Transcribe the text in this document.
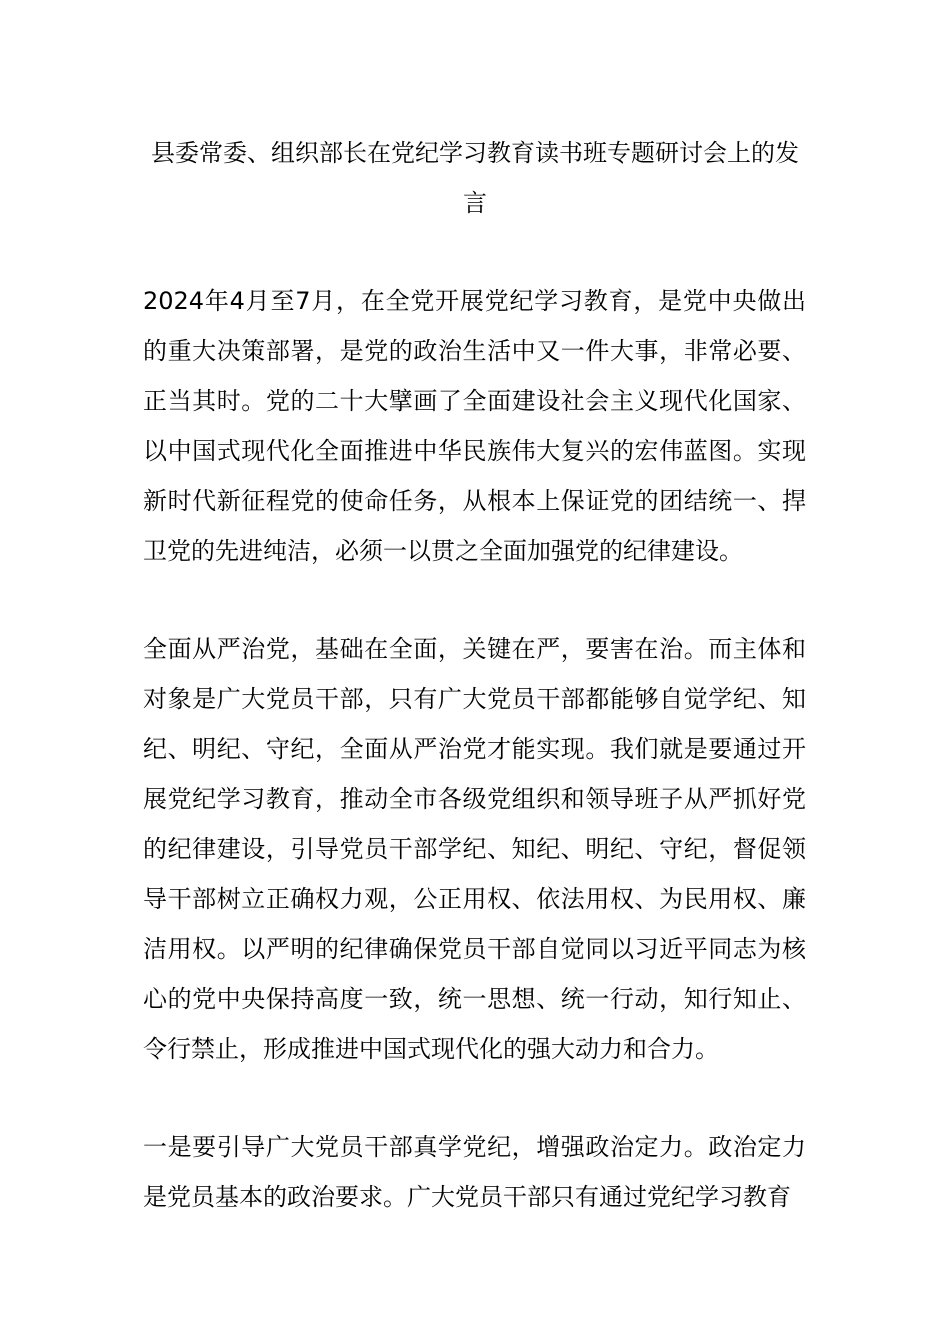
县委常委、组织部长在党纪学习教育读书班专题研讨会上的发言

2024年4月至7月，在全党开展党纪学习教育，是党中央做出的重大决策部署，是党的政治生活中又一件大事，非常必要、正当其时。党的二十大擘画了全面建设社会主义现代化国家、以中国式现代化全面推进中华民族伟大复兴的宏伟蓝图。实现新时代新征程党的使命任务，从根本上保证党的团结统一、捍卫党的先进纯洁，必须一以贯之全面加强党的纪律建设。

全面从严治党，基础在全面，关键在严，要害在治。而主体和对象是广大党员干部，只有广大党员干部都能够自觉学纪、知纪、明纪、守纪，全面从严治党才能实现。我们就是要通过开展党纪学习教育，推动全市各级党组织和领导班子从严抓好党的纪律建设，引导党员干部学纪、知纪、明纪、守纪，督促领导干部树立正确权力观，公正用权、依法用权、为民用权、廉洁用权。以严明的纪律确保党员干部自觉同以习近平同志为核心的党中央保持高度一致，统一思想、统一行动，知行知止、令行禁止，形成推进中国式现代化的强大动力和合力。

一是要引导广大党员干部真学党纪，增强政治定力。政治定力是党员基本的政治要求。广大党员干部只有通过党纪学习教育
